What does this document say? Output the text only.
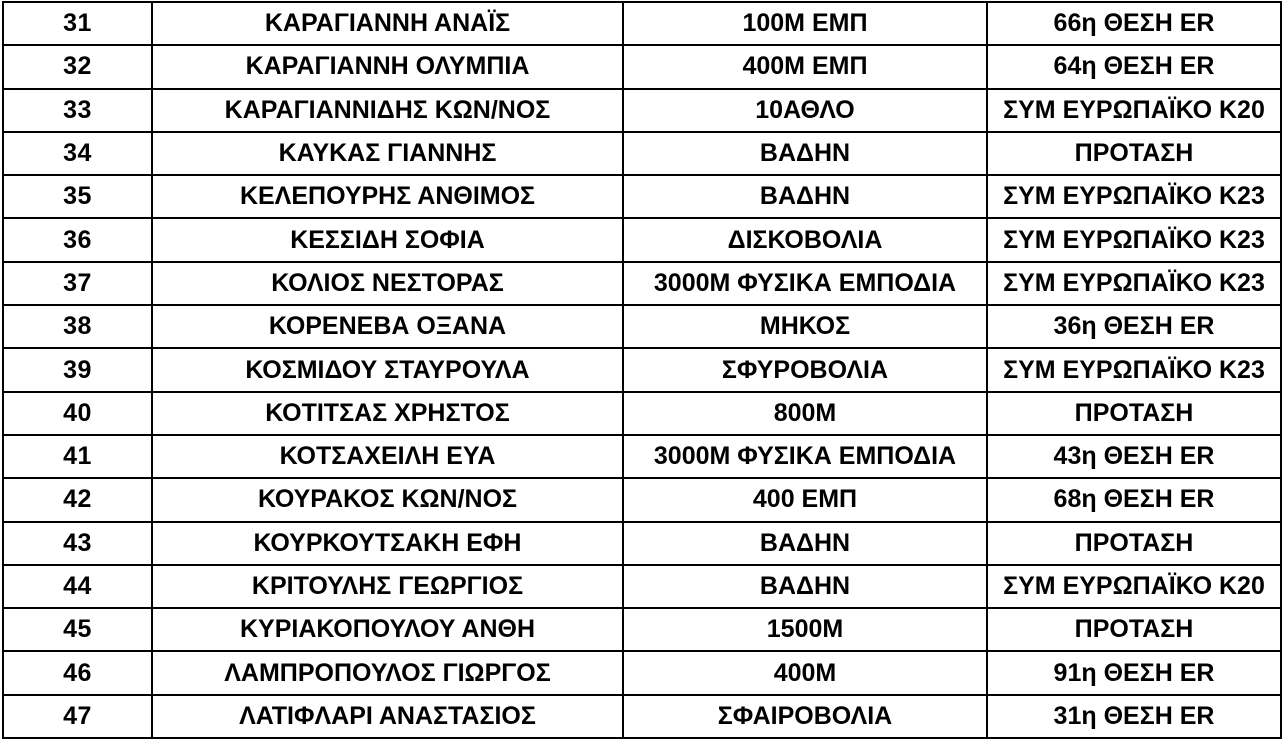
31	ΚΑΡΑΓΙΑΝΝΗ ΑΝΑΪΣ	100Μ ΕΜΠ	66η ΘΕΣΗ ER
32	ΚΑΡΑΓΙΑΝΝΗ ΟΛΥΜΠΙΑ	400Μ ΕΜΠ	64η ΘΕΣΗ ER
33	ΚΑΡΑΓΙΑΝΝΙΔΗΣ ΚΩΝ/ΝΟΣ	10ΑΘΛΟ	ΣΥΜ ΕΥΡΩΠΑΪΚΟ Κ20
34	ΚΑΥΚΑΣ ΓΙΑΝΝΗΣ	ΒΑΔΗΝ	ΠΡΟΤΑΣΗ
35	ΚΕΛΕΠΟΥΡΗΣ ΑΝΘΙΜΟΣ	ΒΑΔΗΝ	ΣΥΜ ΕΥΡΩΠΑΪΚΟ Κ23
36	ΚΕΣΣΙΔΗ ΣΟΦΙΑ	ΔΙΣΚΟΒΟΛΙΑ	ΣΥΜ ΕΥΡΩΠΑΪΚΟ Κ23
37	ΚΟΛΙΟΣ ΝΕΣΤΟΡΑΣ	3000Μ ΦΥΣΙΚΑ ΕΜΠΟΔΙΑ	ΣΥΜ ΕΥΡΩΠΑΪΚΟ Κ23
38	ΚΟΡΕΝΕΒΑ ΟΞΑΝΑ	ΜΗΚΟΣ	36η ΘΕΣΗ ER
39	ΚΟΣΜΙΔΟΥ ΣΤΑΥΡΟΥΛΑ	ΣΦΥΡΟΒΟΛΙΑ	ΣΥΜ ΕΥΡΩΠΑΪΚΟ Κ23
40	ΚΟΤΙΤΣΑΣ ΧΡΗΣΤΟΣ	800Μ	ΠΡΟΤΑΣΗ
41	ΚΟΤΣΑΧΕΙΛΗ ΕΥΑ	3000Μ ΦΥΣΙΚΑ ΕΜΠΟΔΙΑ	43η ΘΕΣΗ ER
42	ΚΟΥΡΑΚΟΣ ΚΩΝ/ΝΟΣ	400 ΕΜΠ	68η ΘΕΣΗ ER
43	ΚΟΥΡΚΟΥΤΣΑΚΗ ΕΦΗ	ΒΑΔΗΝ	ΠΡΟΤΑΣΗ
44	ΚΡΙΤΟΥΛΗΣ ΓΕΩΡΓΙΟΣ	ΒΑΔΗΝ	ΣΥΜ ΕΥΡΩΠΑΪΚΟ Κ20
45	ΚΥΡΙΑΚΟΠΟΥΛΟΥ ΑΝΘΗ	1500Μ	ΠΡΟΤΑΣΗ
46	ΛΑΜΠΡΟΠΟΥΛΟΣ ΓΙΩΡΓΟΣ	400Μ	91η ΘΕΣΗ ER
47	ΛΑΤΙΦΛΑΡΙ ΑΝΑΣΤΑΣΙΟΣ	ΣΦΑΙΡΟΒΟΛΙΑ	31η ΘΕΣΗ ER
